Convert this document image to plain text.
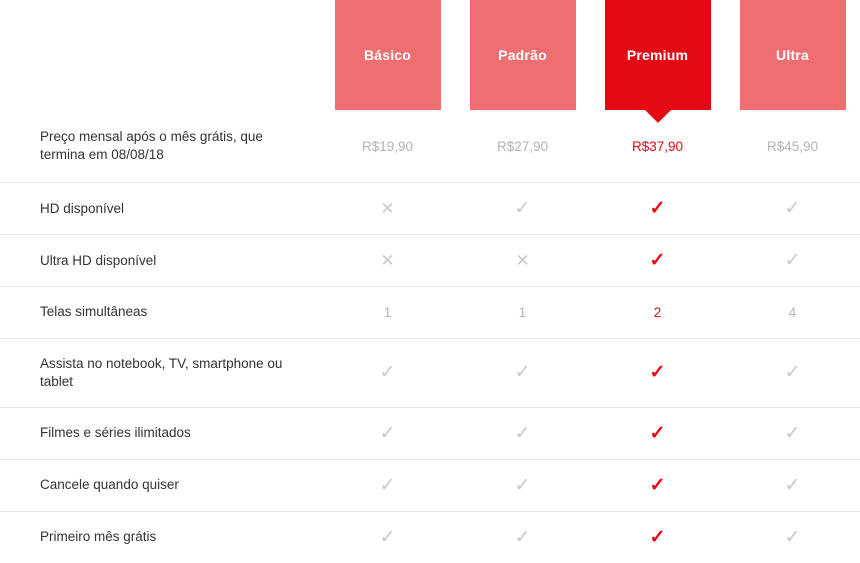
	Básico	Padrão	Premium	Ultra

Preço mensal após o mês grátis, que termina em 08/08/18	R$19,90	R$27,90	R$37,90	R$45,90
HD disponível	✕	✓	✓	✓
Ultra HD disponível	✕	✕	✓	✓
Telas simultâneas	1	1	2	4
Assista no notebook, TV, smartphone ou tablet	✓	✓	✓	✓
Filmes e séries ilimitados	✓	✓	✓	✓
Cancele quando quiser	✓	✓	✓	✓
Primeiro mês grátis	✓	✓	✓	✓
